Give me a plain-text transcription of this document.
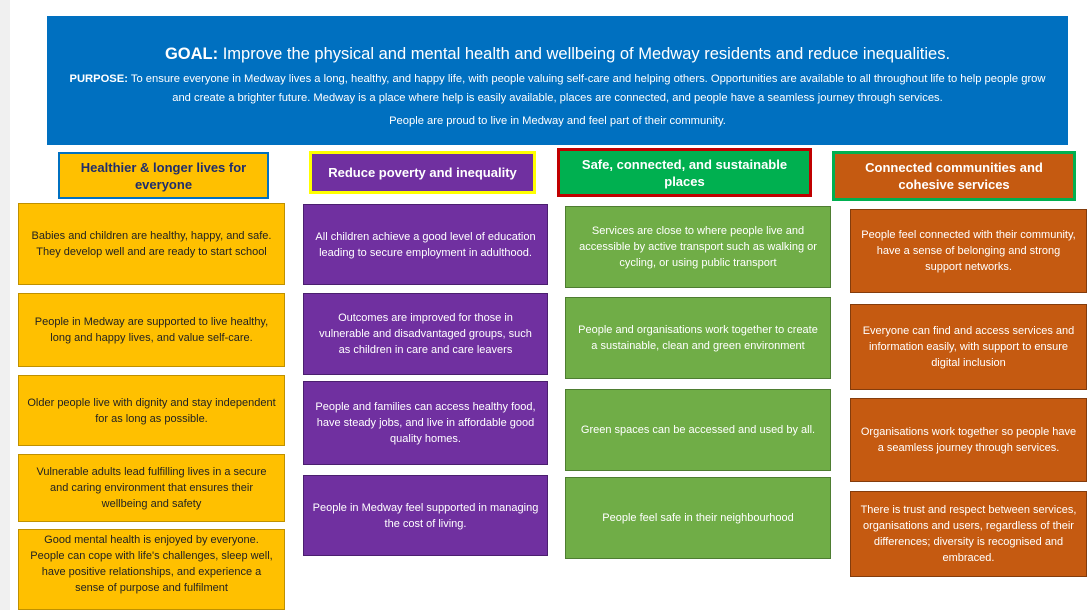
GOAL: Improve the physical and mental health and wellbeing of Medway residents and reduce inequalities.

PURPOSE: To ensure everyone in Medway lives a long, healthy, and happy life, with people valuing self-care and helping others. Opportunities are available to all throughout life to help people grow and create a brighter future. Medway is a place where help is easily available, places are connected, and people have a seamless journey through services.

People are proud to live in Medway and feel part of their community.
Healthier & longer lives for everyone
Reduce poverty and inequality
Safe, connected, and sustainable places
Connected communities and cohesive services
Babies and children are healthy, happy, and safe. They develop well and are ready to start school
People in Medway are supported to live healthy, long and happy lives, and value self-care.
Older people live with dignity and stay independent for as long as possible.
Vulnerable adults lead fulfilling lives in a secure and caring environment that ensures their wellbeing and safety
Good mental health is enjoyed by everyone. People can cope with life's challenges, sleep well, have positive relationships, and experience a sense of purpose and fulfilment
All children achieve a good level of education leading to secure employment in adulthood.
Outcomes are improved for those in vulnerable and disadvantaged groups, such as children in care and care leavers
People and families can access healthy food, have steady jobs, and live in affordable good quality homes.
People in Medway feel supported in managing the cost of living.
Services are close to where people live and accessible by active transport such as walking or cycling, or using public transport
People and organisations work together to create a sustainable, clean and green environment
Green spaces can be accessed and used by all.
People feel safe in their neighbourhood
People feel connected with their community, have a sense of belonging and strong support networks.
Everyone can find and access services and information easily, with support to ensure digital inclusion
Organisations work together so people have a seamless journey through services.
There is trust and respect between services, organisations and users, regardless of their differences; diversity is recognised and embraced.
